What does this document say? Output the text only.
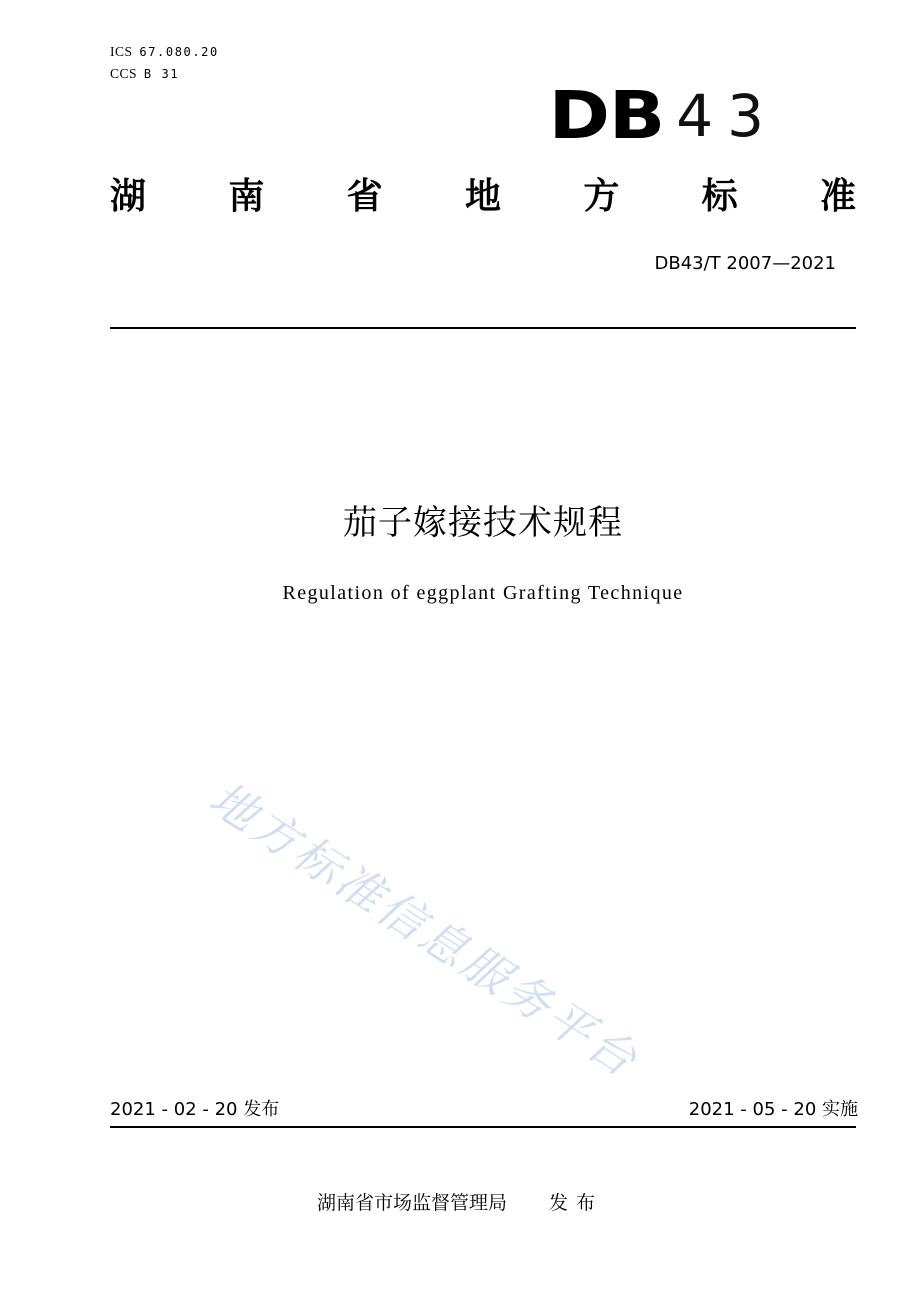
ICS 67.080.20
CCS B 31
DB 43
湖 南 省 地 方 标 准
DB43/T 2007—2021
茄子嫁接技术规程
Regulation of eggplant Grafting Technique
地方标准信息服务平台
2021 - 02 - 20 发布	2021 - 05 - 20 实施
湖南省市场监督管理局 发布
